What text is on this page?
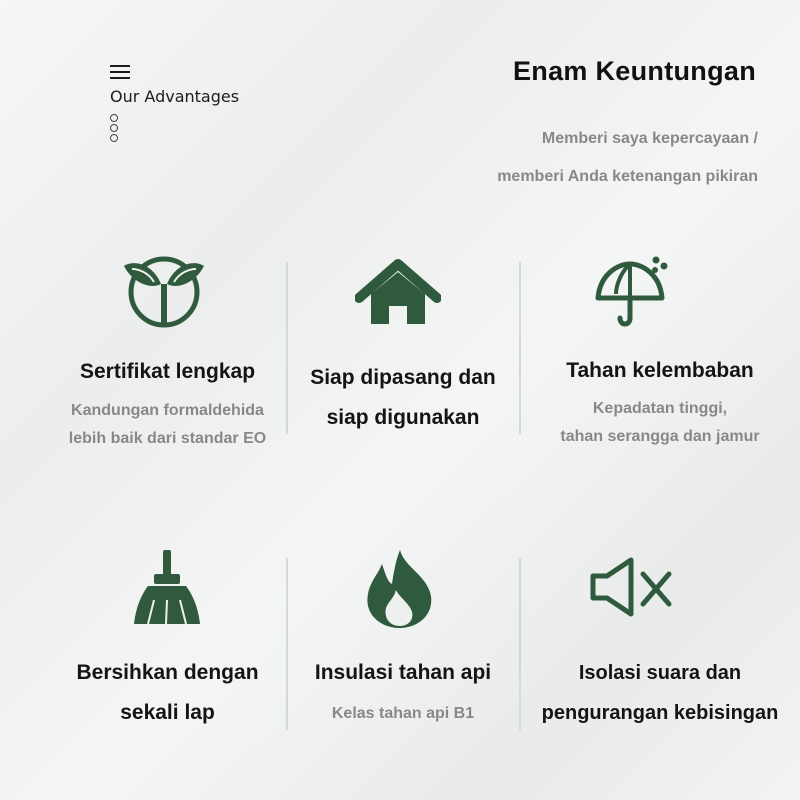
Our Advantages
Enam Keuntungan
Memberi saya kepercayaan /
memberi Anda ketenangan pikiran
Sertifikat lengkap
Kandungan formaldehida
lebih baik dari standar EO
Siap dipasang dan
siap digunakan
Tahan kelembaban
Kepadatan tinggi,
tahan serangga dan jamur
Bersihkan dengan
sekali lap
Insulasi tahan api
Kelas tahan api B1
Isolasi suara dan
pengurangan kebisingan
